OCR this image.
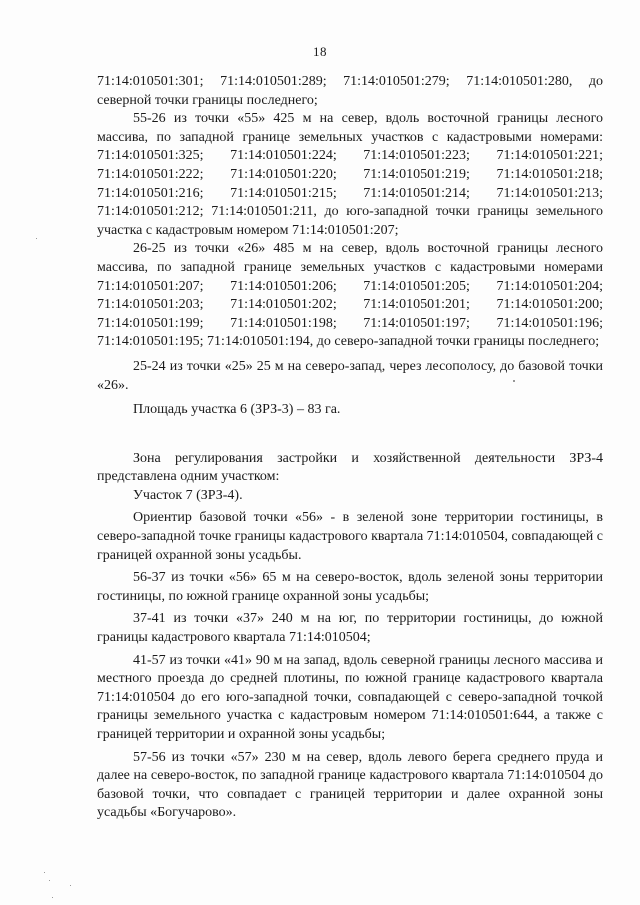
18

71:14:010501:301; 71:14:010501:289; 71:14:010501:279; 71:14:010501:280, до северной точки границы последнего;

55-26 из точки «55» 425 м на север, вдоль восточной границы лесного массива, по западной границе земельных участков с кадастровыми номерами: 71:14:010501:325; 71:14:010501:224; 71:14:010501:223; 71:14:010501:221; 71:14:010501:222; 71:14:010501:220; 71:14:010501:219; 71:14:010501:218; 71:14:010501:216; 71:14:010501:215; 71:14:010501:214; 71:14:010501:213; 71:14:010501:212; 71:14:010501:211, до юго-западной точки границы земельного участка с кадастровым номером 71:14:010501:207;

26-25 из точки «26» 485 м на север, вдоль восточной границы лесного массива, по западной границе земельных участков с кадастровыми номерами 71:14:010501:207; 71:14:010501:206; 71:14:010501:205; 71:14:010501:204; 71:14:010501:203; 71:14:010501:202; 71:14:010501:201; 71:14:010501:200; 71:14:010501:199; 71:14:010501:198; 71:14:010501:197; 71:14:010501:196; 71:14:010501:195; 71:14:010501:194, до северо-западной точки границы последнего;

25-24 из точки «25» 25 м на северо-запад, через лесополосу, до базовой точки «26».

Площадь участка 6 (ЗРЗ-3) – 83 га.

Зона регулирования застройки и хозяйственной деятельности ЗРЗ-4 представлена одним участком:

Участок 7 (ЗРЗ-4).

Ориентир базовой точки «56» - в зеленой зоне территории гостиницы, в северо-западной точке границы кадастрового квартала 71:14:010504, совпадающей с границей охранной зоны усадьбы.

56-37 из точки «56» 65 м на северо-восток, вдоль зеленой зоны территории гостиницы, по южной границе охранной зоны усадьбы;

37-41 из точки «37» 240 м на юг, по территории гостиницы, до южной границы кадастрового квартала 71:14:010504;

41-57 из точки «41» 90 м на запад, вдоль северной границы лесного массива и местного проезда до средней плотины, по южной границе кадастрового квартала 71:14:010504 до его юго-западной точки, совпадающей с северо-западной точкой границы земельного участка с кадастровым номером 71:14:010501:644, а также с границей территории и охранной зоны усадьбы;

57-56 из точки «57» 230 м на север, вдоль левого берега среднего пруда и далее на северо-восток, по западной границе кадастрового квартала 71:14:010504 до базовой точки, что совпадает с границей территории и далее охранной зоны усадьбы «Богучарово».
